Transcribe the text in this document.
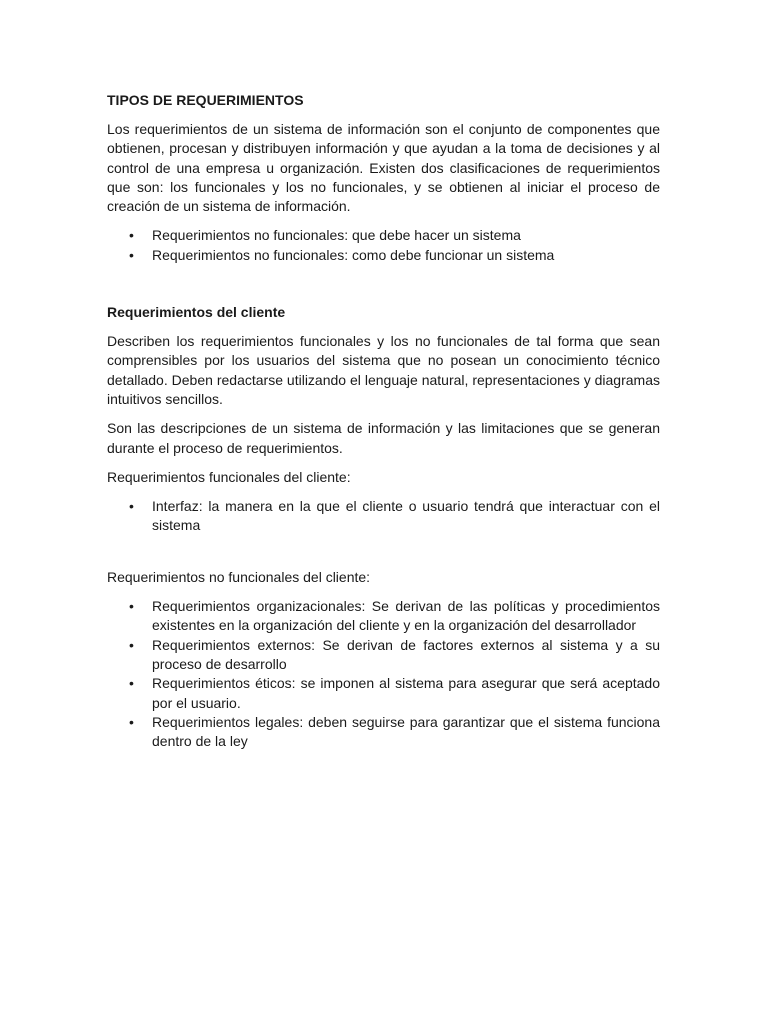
TIPOS DE REQUERIMIENTOS

Los requerimientos de un sistema de información son el conjunto de componentes que obtienen, procesan y distribuyen información y que ayudan a la toma de decisiones y al control de una empresa u organización. Existen dos clasificaciones de requerimientos que son: los funcionales y los no funcionales, y se obtienen al iniciar el proceso de creación de un sistema de información.

• Requerimientos no funcionales: que debe hacer un sistema
• Requerimientos no funcionales: como debe funcionar un sistema
Requerimientos del cliente

Describen los requerimientos funcionales y los no funcionales de tal forma que sean comprensibles por los usuarios del sistema que no posean un conocimiento técnico detallado. Deben redactarse utilizando el lenguaje natural, representaciones y diagramas intuitivos sencillos.

Son las descripciones de un sistema de información y las limitaciones que se generan durante el proceso de requerimientos.

Requerimientos funcionales del cliente:

• Interfaz: la manera en la que el cliente o usuario tendrá que interactuar con el sistema

Requerimientos no funcionales del cliente:

• Requerimientos organizacionales: Se derivan de las políticas y procedimientos existentes en la organización del cliente y en la organización del desarrollador
• Requerimientos externos: Se derivan de factores externos al sistema y a su proceso de desarrollo
• Requerimientos éticos: se imponen al sistema para asegurar que será aceptado por el usuario.
• Requerimientos legales: deben seguirse para garantizar que el sistema funciona dentro de la ley
